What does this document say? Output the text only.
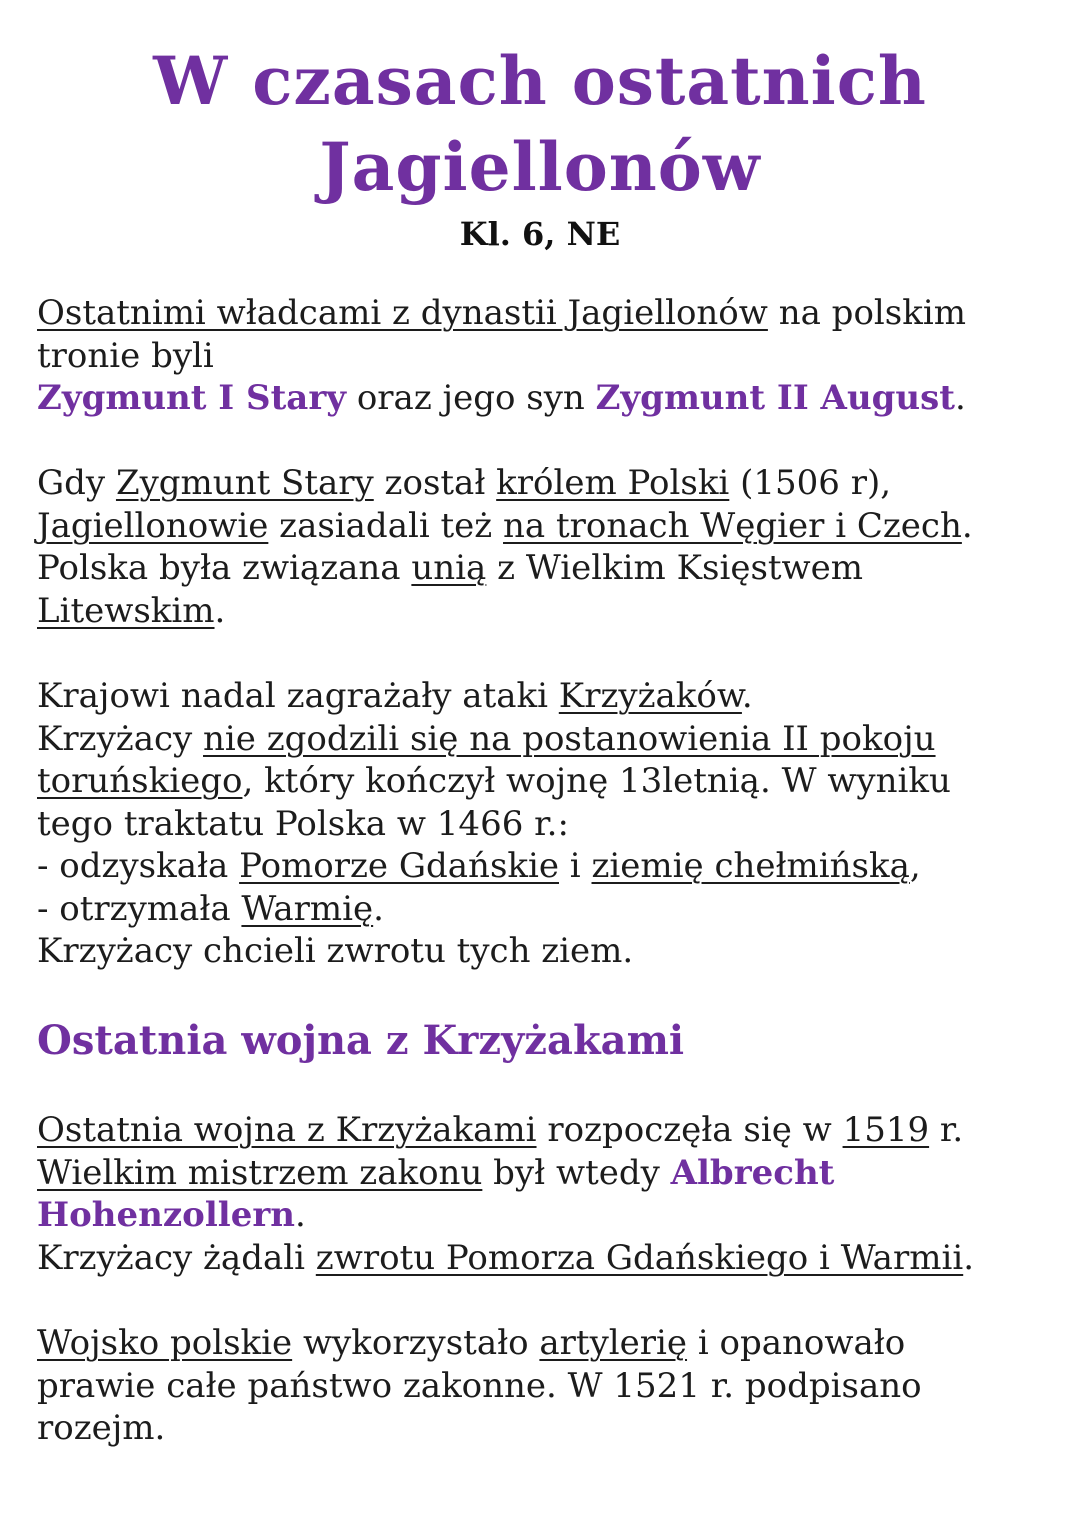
W czasach ostatnich
Jagiellonów
Kl. 6, NE

Ostatnimi władcami z dynastii Jagiellonów na polskim tronie byli
Zygmunt I Stary oraz jego syn Zygmunt II August.

Gdy Zygmunt Stary został królem Polski (1506 r),
Jagiellonowie zasiadali też na tronach Węgier i Czech.
Polska była związana unią z Wielkim Księstwem
Litewskim.

Krajowi nadal zagrażały ataki Krzyżaków.
Krzyżacy nie zgodzili się na postanowienia II pokoju
toruńskiego, który kończył wojnę 13letnią. W wyniku
tego traktatu Polska w 1466 r.:
- odzyskała Pomorze Gdańskie i ziemię chełmińską,
- otrzymała Warmię.
Krzyżacy chcieli zwrotu tych ziem.

Ostatnia wojna z Krzyżakami

Ostatnia wojna z Krzyżakami rozpoczęła się w 1519 r.
Wielkim mistrzem zakonu był wtedy Albrecht
Hohenzollern.
Krzyżacy żądali zwrotu Pomorza Gdańskiego i Warmii.

Wojsko polskie wykorzystało artylerię i opanowało
prawie całe państwo zakonne. W 1521 r. podpisano
rozejm.
